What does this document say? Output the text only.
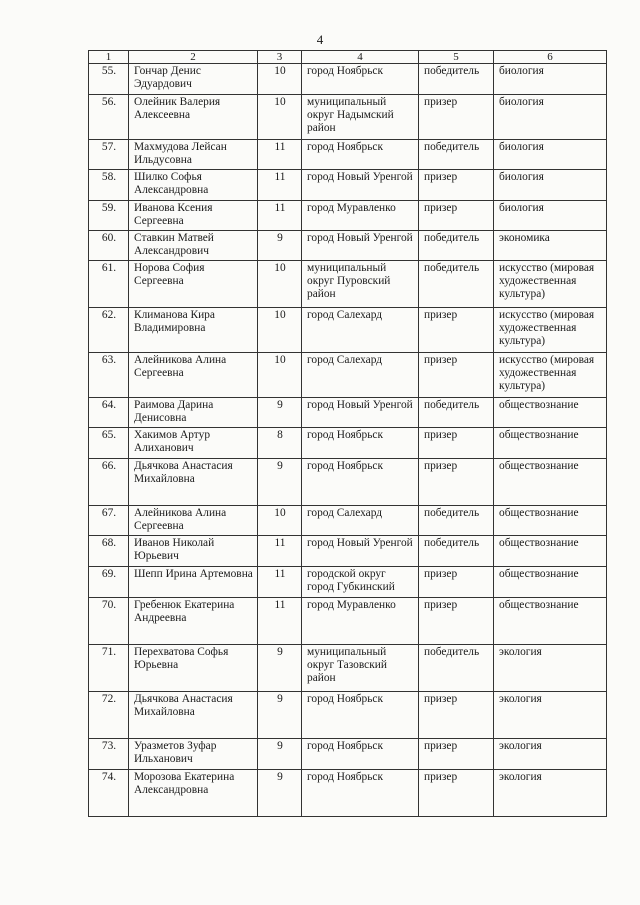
4
1	2	3	4	5	6
55.	Гончар Денис Эдуардович	10	город Ноябрьск	победитель	биология
56.	Олейник Валерия Алексеевна	10	муниципальный округ Надымский район	призер	биология
57.	Махмудова Лейсан Ильдусовна	11	город Ноябрьск	победитель	биология
58.	Шилко Софья Александровна	11	город Новый Уренгой	призер	биология
59.	Иванова Ксения Сергеевна	11	город Муравленко	призер	биология
60.	Ставкин Матвей Александрович	9	город Новый Уренгой	победитель	экономика
61.	Норова София Сергеевна	10	муниципальный округ Пуровский район	победитель	искусство (мировая художественная культура)
62.	Климанова Кира Владимировна	10	город Салехард	призер	искусство (мировая художественная культура)
63.	Алейникова Алина Сергеевна	10	город Салехард	призер	искусство (мировая художественная культура)
64.	Раимова Дарина Денисовна	9	город Новый Уренгой	победитель	обществознание
65.	Хакимов Артур Алиханович	8	город Ноябрьск	призер	обществознание
66.	Дьячкова Анастасия Михайловна	9	город Ноябрьск	призер	обществознание
67.	Алейникова Алина Сергеевна	10	город Салехард	победитель	обществознание
68.	Иванов Николай Юрьевич	11	город Новый Уренгой	победитель	обществознание
69.	Шепп Ирина Артемовна	11	городской округ город Губкинский	призер	обществознание
70.	Гребенюк Екатерина Андреевна	11	город Муравленко	призер	обществознание
71.	Перехватова Софья Юрьевна	9	муниципальный округ Тазовский район	победитель	экология
72.	Дьячкова Анастасия Михайловна	9	город Ноябрьск	призер	экология
73.	Уразметов Зуфар Ильханович	9	город Ноябрьск	призер	экология
74.	Морозова Екатерина Александровна	9	город Ноябрьск	призер	экология
